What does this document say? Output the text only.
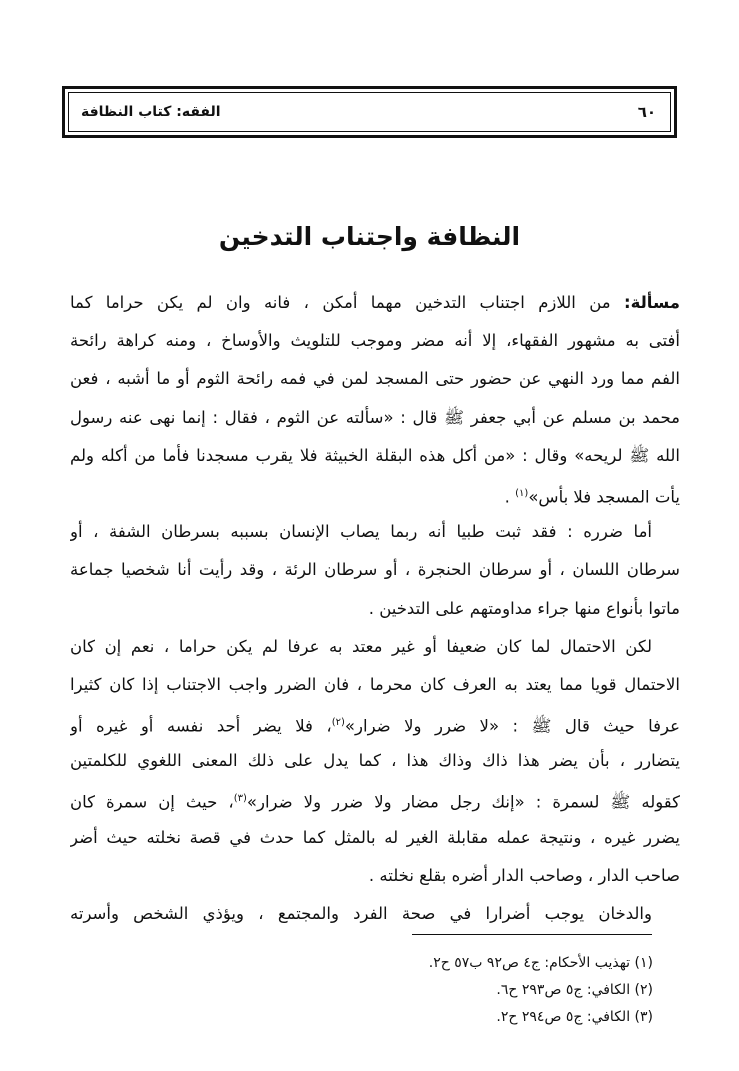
الفقه: كتاب النظافة	٦٠
النظافة واجتناب التدخين
مسألة: من اللازم اجتناب التدخين مهما أمكن ، فانه وان لم يكن حراما كما
أفتى به مشهور الفقهاء، إلا أنه مضر وموجب للتلويث والأوساخ ، ومنه كراهة رائحة
الفم مما ورد النهي عن حضور حتى المسجد لمن في فمه رائحة الثوم أو ما أشبه ، فعن
محمد بن مسلم عن أبي جعفر ﷺ قال : «سألته عن الثوم ، فقال : إنما نهى عنه رسول
الله ﷺ لريحه» وقال : «من أكل هذه البقلة الخبيثة فلا يقرب مسجدنا فأما من أكله ولم
يأت المسجد فلا بأس»$^{(١)}$ .
أما ضرره : فقد ثبت طبيا أنه ربما يصاب الإنسان بسببه بسرطان الشفة ، أو
سرطان اللسان ، أو سرطان الحنجرة ، أو سرطان الرئة ، وقد رأيت أنا شخصيا جماعة
ماتوا بأنواع منها جراء مداومتهم على التدخين .
لكن الاحتمال لما كان ضعيفا أو غير معتد به عرفا لم يكن حراما ، نعم إن كان
الاحتمال قويا مما يعتد به العرف كان محرما ، فان الضرر واجب الاجتناب إذا كان كثيرا
عرفا حيث قال ﷺ : «لا ضرر ولا ضرار»$^{(٢)}$، فلا يضر أحد نفسه أو غيره أو
يتضارر ، بأن يضر هذا ذاك وذاك هذا ، كما يدل على ذلك المعنى اللغوي للكلمتين
كقوله ﷺ لسمرة : «إنك رجل مضار ولا ضرر ولا ضرار»$^{(٣)}$، حيث إن سمرة كان
يضرر غيره ، ونتيجة عمله مقابلة الغير له بالمثل كما حدث في قصة نخلته حيث أضر
صاحب الدار ، وصاحب الدار أضره بقلع نخلته .
والدخان يوجب أضرارا في صحة الفرد والمجتمع ، ويؤذي الشخص وأسرته
(١) تهذيب الأحكام: ج٤ ص٩٢ ب٥٧ ح٢.
(٢) الكافي: ج٥ ص٢٩٣ ح٦.
(٣) الكافي: ج٥ ص٢٩٤ ح٢.
